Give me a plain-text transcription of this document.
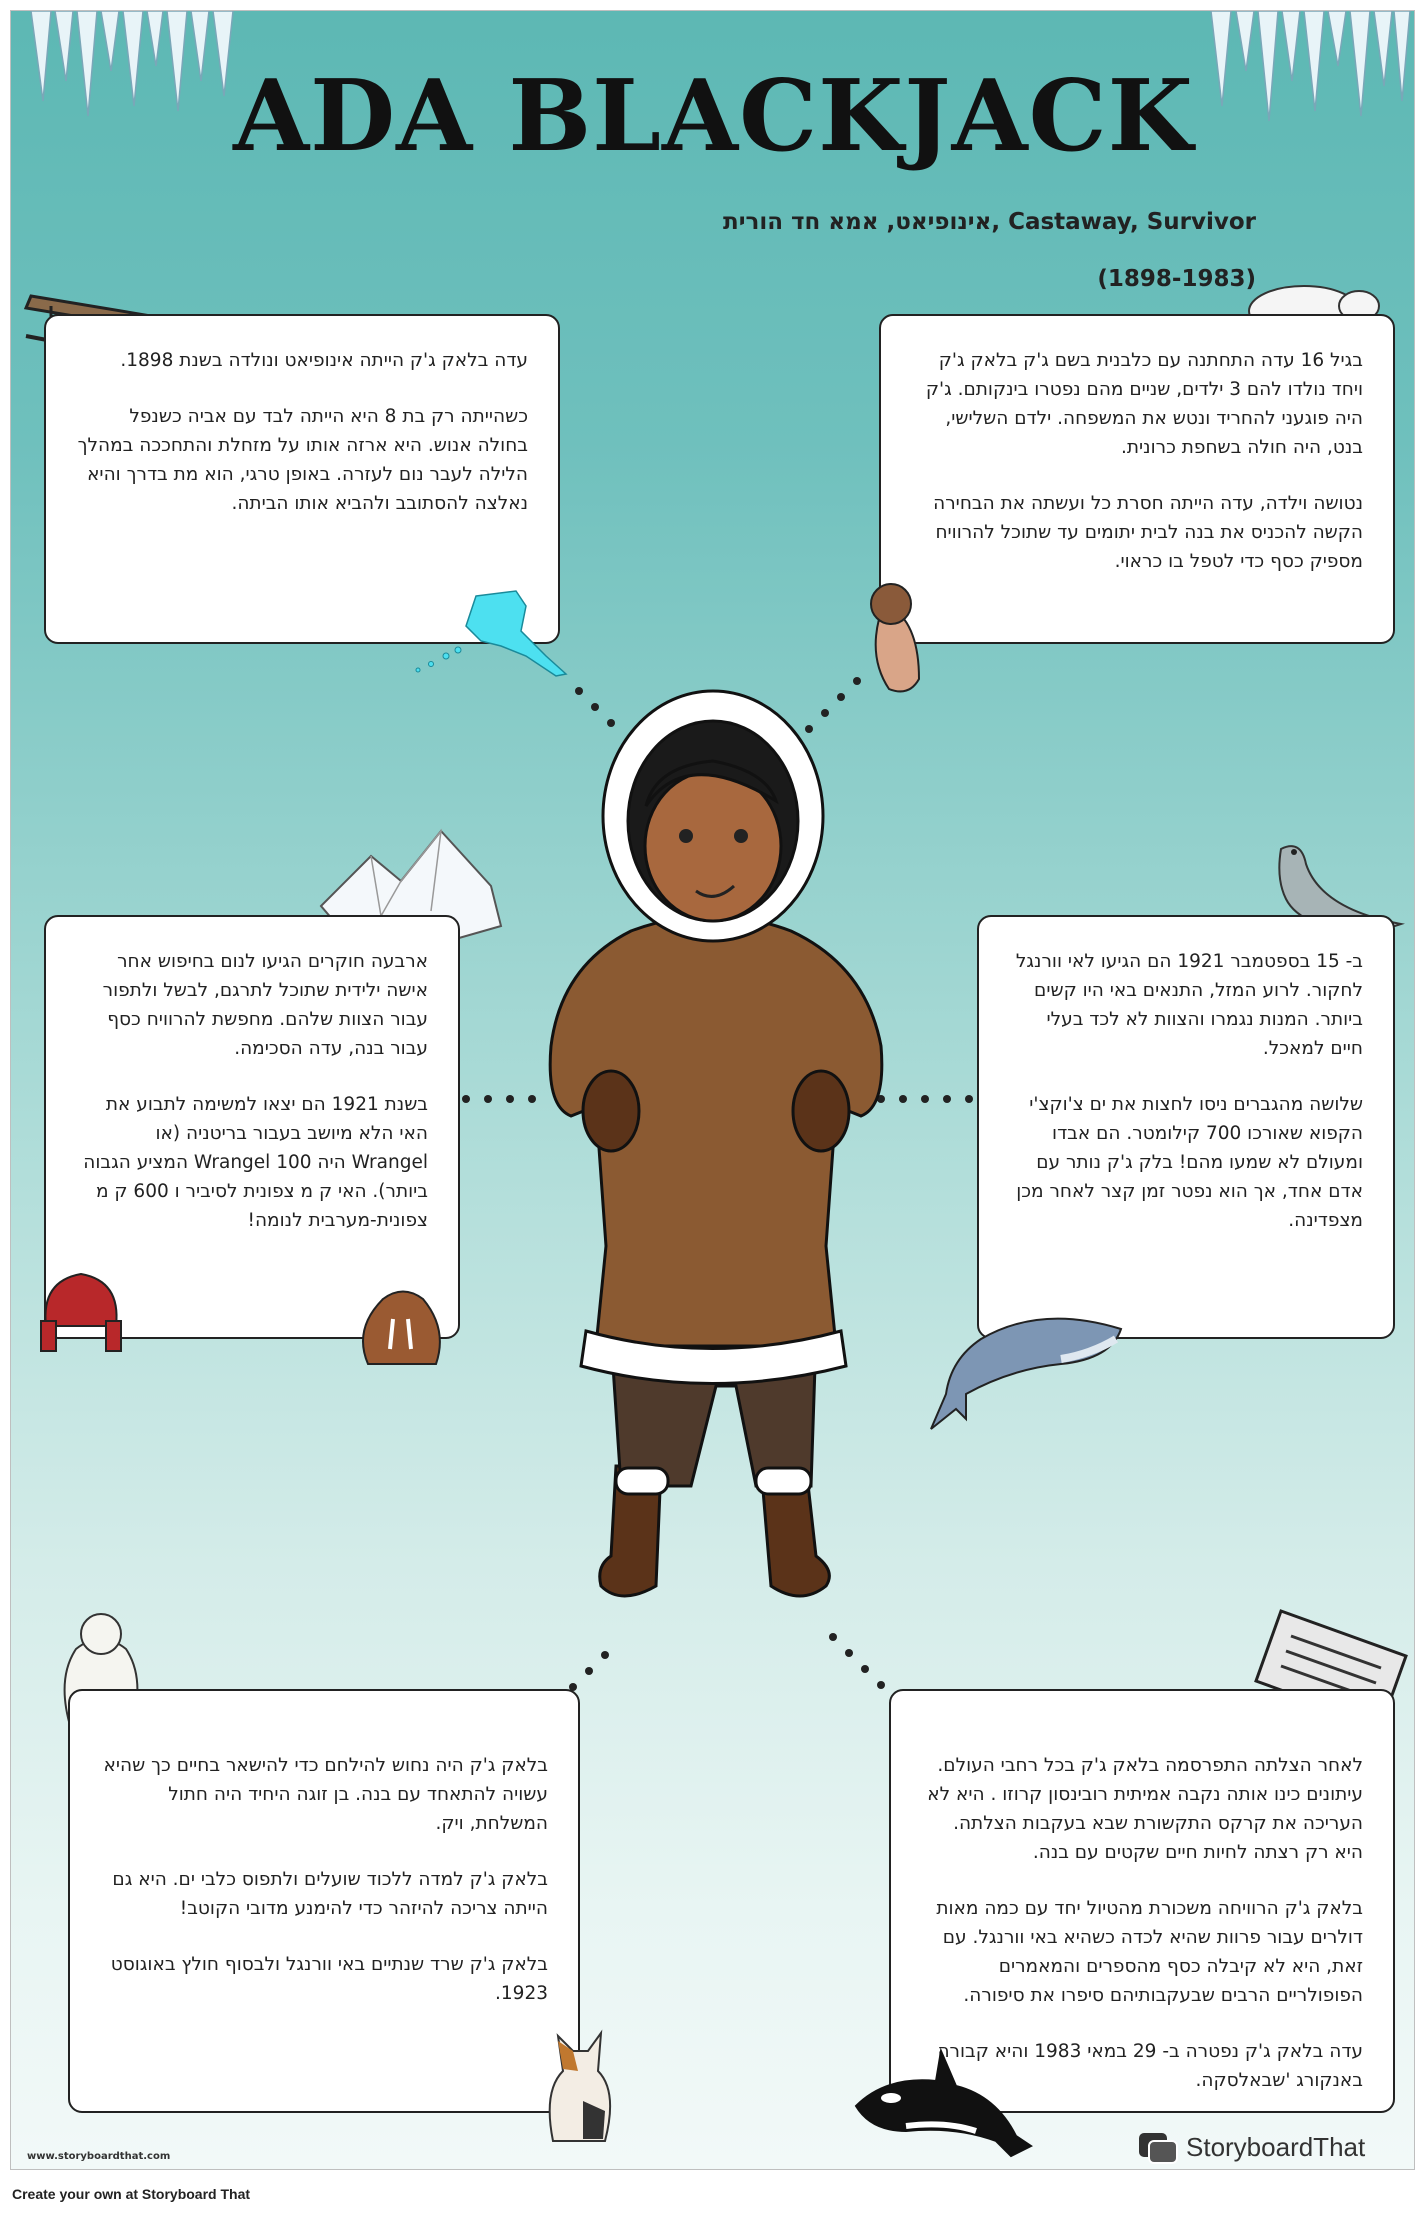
ADA BLACKJACK

אינופיאט, אמא חד הורית, Castaway, Survivor

(1898-1983)

עדה בלאק ג'ק הייתה אינופיאט ונולדה בשנת 1898.

כשהייתה רק בת 8 היא הייתה לבד עם אביה כשנפל בחולה אנוש. היא ארזה אותו על מזחלת והתחככה במהלך הלילה לעבר נום לעזרה. באופן טרגי, הוא מת בדרך והיא נאלצה להסתובב ולהביא אותו הביתה.

בגיל 16 עדה התחתנה עם כלבנית בשם ג'ק בלאק ג'ק ויחד נולדו להם 3 ילדים, שניים מהם נפטרו בינקותם. ג'ק היה פוגעני להחריד ונטש את המשפחה. ילדם השלישי, בנט, היה חולה בשחפת כרונית.

נטושה וילדה, עדה הייתה חסרת כל ועשתה את הבחירה הקשה להכניס את בנה לבית יתומים עד שתוכל להרוויח מספיק כסף כדי לטפל בו כראוי.

ארבעה חוקרים הגיעו לנום בחיפוש אחר אישה ילידית שתוכל לתרגם, לבשל ולתפור עבור הצוות שלהם. מחפשת להרוויח כסף עבור בנה, עדה הסכימה.

בשנת 1921 הם יצאו למשימה לתבוע את האי הלא מיושב בעבור בריטניה (או Wrangel היה Wrangel 100 המציע הגבוה ביותר). האי ק מ צפונית לסיביר ו 600 ק מ צפונית-מערבית לנומה!

ב- 15 בספטמבר 1921 הם הגיעו לאי וורנגל לחקור. לרוע המזל, התנאים באי היו קשים ביותר. המנות נגמרו והצוות לא לכד בעלי חיים למאכל.

שלושה מהגברים ניסו לחצות את ים צ'וקצ'י הקפוא שאורכו 700 קילומטר. הם אבדו ומעולם לא שמעו מהם! בלק ג'ק נותר עם אדם אחד, אך הוא נפטר זמן קצר לאחר מכן מצפדינה.

בלאק ג'ק היה נחוש להילחם כדי להישאר בחיים כך שהיא עשויה להתאחד עם בנה. בן זוגה היחיד היה חתול המשלחת, ויק.

בלאק ג'ק למדה ללכוד שועלים ולתפוס כלבי ים. היא גם הייתה צריכה להיזהר כדי להימנע מדובי הקוטב!

בלאק ג'ק שרד שנתיים באי וורנגל ולבסוף חולץ באוגוסט 1923.

לאחר הצלתה התפרסמה בלאק ג'ק בכל רחבי העולם. עיתונים כינו אותה נקבה אמיתית רובינסון קרוזו . היא לא העריכה את קרקס התקשורת שבא בעקבות הצלתה. היא רק רצתה לחיות חיים שקטים עם בנה.

בלאק ג'ק הרוויחה משכורת מהטיול יחד עם כמה מאות דולרים עבור פרוות שהיא לכדה כשהיא באי וורנגל. עם זאת, היא לא קיבלה כסף מהספרים והמאמרים הפופולריים הרבים שבעקבותיהם סיפרו את סיפורה.

עדה בלאק ג'ק נפטרה ב- 29 במאי 1983 והיא קבורה באנקורג 'שבאלסקה.

StoryboardThat

www.storyboardthat.com

Create your own at Storyboard That
